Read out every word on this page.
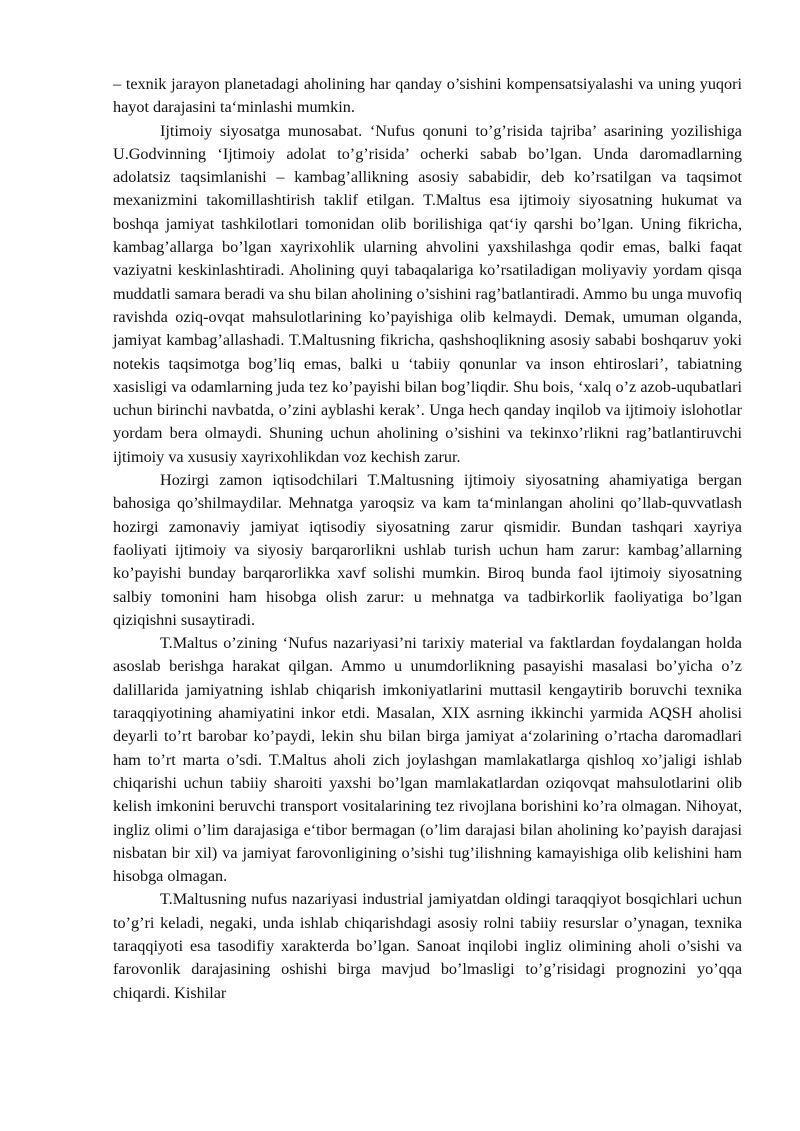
– texnik jarayon planetadagi aholining har qanday o’sishini kompensatsiyalashi va uning yuqori hayot darajasini ta‘minlashi mumkin.

Ijtimoiy siyosatga munosabat. ‘Nufus qonuni to’g’risida tajriba’ asarining yozilishiga U.Godvinning ‘Ijtimoiy adolat to’g’risida’ ocherki sabab bo’lgan. Unda daromadlarning adolatsiz taqsimlanishi – kambag’allikning asosiy sababidir, deb ko’rsatilgan va taqsimot mexanizmini takomillashtirish taklif etilgan. T.Maltus esa ijtimoiy siyosatning hukumat va boshqa jamiyat tashkilotlari tomonidan olib borilishiga qat‘iy qarshi bo’lgan. Uning fikricha, kambag’allarga bo’lgan xayrixohlik ularning ahvolini yaxshilashga qodir emas, balki faqat vaziyatni keskinlashtiradi. Aholining quyi tabaqalariga ko’rsatiladigan moliyaviy yordam qisqa muddatli samara beradi va shu bilan aholining o’sishini rag’batlantiradi. Ammo bu unga muvofiq ravishda oziq-ovqat mahsulotlarining ko’payishiga olib kelmaydi. Demak, umuman olganda, jamiyat kambag’allashadi. T.Maltusning fikricha, qashshoqlikning asosiy sababi boshqaruv yoki notekis taqsimotga bog’liq emas, balki u ‘tabiiy qonunlar va inson ehtiroslari’, tabiatning xasisligi va odamlarning juda tez ko’payishi bilan bog’liqdir. Shu bois, ‘xalq o’z azob-uqubatlari uchun birinchi navbatda, o’zini ayblashi kerak’. Unga hech qanday inqilob va ijtimoiy islohotlar yordam bera olmaydi. Shuning uchun aholining o’sishini va tekinxo’rlikni rag’batlantiruvchi ijtimoiy va xususiy xayrixohlikdan voz kechish zarur.

Hozirgi zamon iqtisodchilari T.Maltusning ijtimoiy siyosatning ahamiyatiga bergan bahosiga qo’shilmaydilar. Mehnatga yaroqsiz va kam ta‘minlangan aholini qo’llab-quvvatlash hozirgi zamonaviy jamiyat iqtisodiy siyosatning zarur qismidir. Bundan tashqari xayriya faoliyati ijtimoiy va siyosiy barqarorlikni ushlab turish uchun ham zarur: kambag’allarning ko’payishi bunday barqarorlikka xavf solishi mumkin. Biroq bunda faol ijtimoiy siyosatning salbiy tomonini ham hisobga olish zarur: u mehnatga va tadbirkorlik faoliyatiga bo’lgan qiziqishni susaytiradi.

T.Maltus o’zining ‘Nufus nazariyasi’ni tarixiy material va faktlardan foydalangan holda asoslab berishga harakat qilgan. Ammo u unumdorlikning pasayishi masalasi bo’yicha o’z dalillarida jamiyatning ishlab chiqarish imkoniyatlarini muttasil kengaytirib boruvchi texnika taraqqiyotining ahamiyatini inkor etdi. Masalan, XIX asrning ikkinchi yarmida AQSH aholisi deyarli to’rt barobar ko’paydi, lekin shu bilan birga jamiyat a‘zolarining o’rtacha daromadlari ham to’rt marta o’sdi. T.Maltus aholi zich joylashgan mamlakatlarga qishloq xo’jaligi ishlab chiqarishi uchun tabiiy sharoiti yaxshi bo’lgan mamlakatlardan oziqovqat mahsulotlarini olib kelish imkonini beruvchi transport vositalarining tez rivojlana borishini ko’ra olmagan. Nihoyat, ingliz olimi o’lim darajasiga e‘tibor bermagan (o’lim darajasi bilan aholining ko’payish darajasi nisbatan bir xil) va jamiyat farovonligining o’sishi tug’ilishning kamayishiga olib kelishini ham hisobga olmagan.

T.Maltusning nufus nazariyasi industrial jamiyatdan oldingi taraqqiyot bosqichlari uchun to’g’ri keladi, negaki, unda ishlab chiqarishdagi asosiy rolni tabiiy resurslar o’ynagan, texnika taraqqiyoti esa tasodifiy xarakterda bo’lgan. Sanoat inqilobi ingliz olimining aholi o’sishi va farovonlik darajasining oshishi birga mavjud bo’lmasligi to’g’risidagi prognozini yo’qqa chiqardi. Kishilar
